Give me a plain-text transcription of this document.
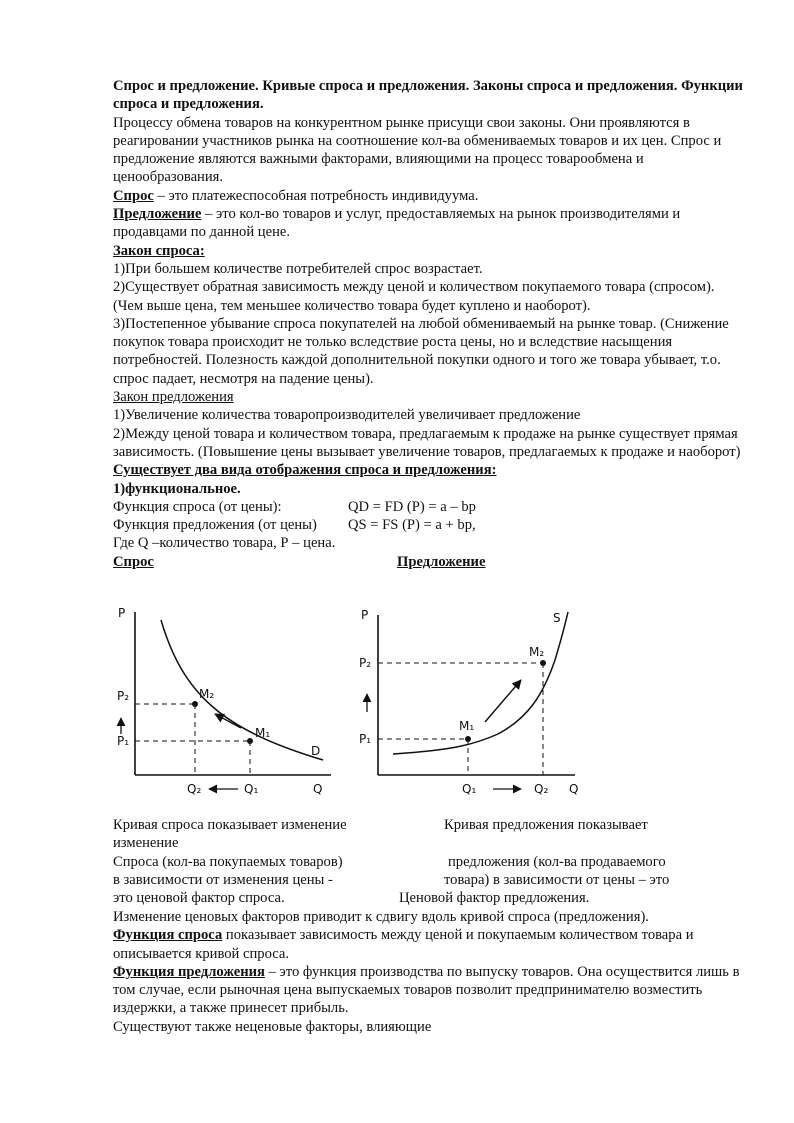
Спрос и предложение. Кривые спроса и предложения. Законы спроса и предложения. Функции спроса и предложения.

Процессу обмена товаров на конкурентном рынке присущи свои законы. Они проявляются в реагировании участников рынка на соотношение кол-ва обмениваемых товаров и их цен. Спрос и предложение являются важными факторами, влияющими на процесс товарообмена и ценообразования.

Спрос – это платежеспособная потребность индивидуума.

Предложение – это кол-во товаров и услуг, предоставляемых на рынок производителями и продавцами по данной цене.

Закон спроса:

1)При большем количестве потребителей спрос возрастает.

2)Существует обратная зависимость между ценой и количеством покупаемого товара (спросом). (Чем выше цена, тем меньшее количество товара будет куплено и наоборот).

3)Постепенное убывание спроса покупателей на любой обмениваемый на рынке товар. (Снижение покупок товара происходит не только вследствие роста цены, но и вследствие насыщения потребностей. Полезность каждой дополнительной покупки одного и того же товара убывает, т.о. спрос падает, несмотря на падение цены).

Закон предложения

1)Увеличение количества товаропроизводителей увеличивает предложение

2)Между ценой товара и количеством товара, предлагаемым к продаже на рынке существует прямая зависимость. (Повышение цены вызывает увеличение товаров, предлагаемых к продаже и наоборот)

Существует два вида отображения спроса и предложения:

1)функциональное.

Функция спроса (от цены):	QD = FD (P) = a – bp
Функция предложения (от цены) QS = FS (P) = a + bp,

Где Q –количество товара, Р – цена.

Спрос	Предложение
P
P₂
P₁
M₂
M₁
D
Q
Q₂	Q₁
P
P₂
P₁
S
M₂
M₁
Q
Q₁	Q₂
Кривая спроса показывает изменение	Кривая предложения показывает
изменение
Спроса (кол-ва покупаемых товаров)	предложения (кол-ва продаваемого
в зависимости от изменения цены -	товара) в зависимости от цены – это
это ценовой фактор спроса.	Ценовой фактор предложения.

Изменение ценовых факторов приводит к сдвигу вдоль кривой спроса (предложения).

Функция спроса показывает зависимость между ценой и покупаемым количеством товара и описывается кривой спроса.

Функция предложения – это функция производства по выпуску товаров. Она осуществится лишь в том случае, если рыночная цена выпускаемых товаров позволит предпринимателю возместить издержки, а также принесет прибыль.

Существуют также неценовые факторы, влияющие
